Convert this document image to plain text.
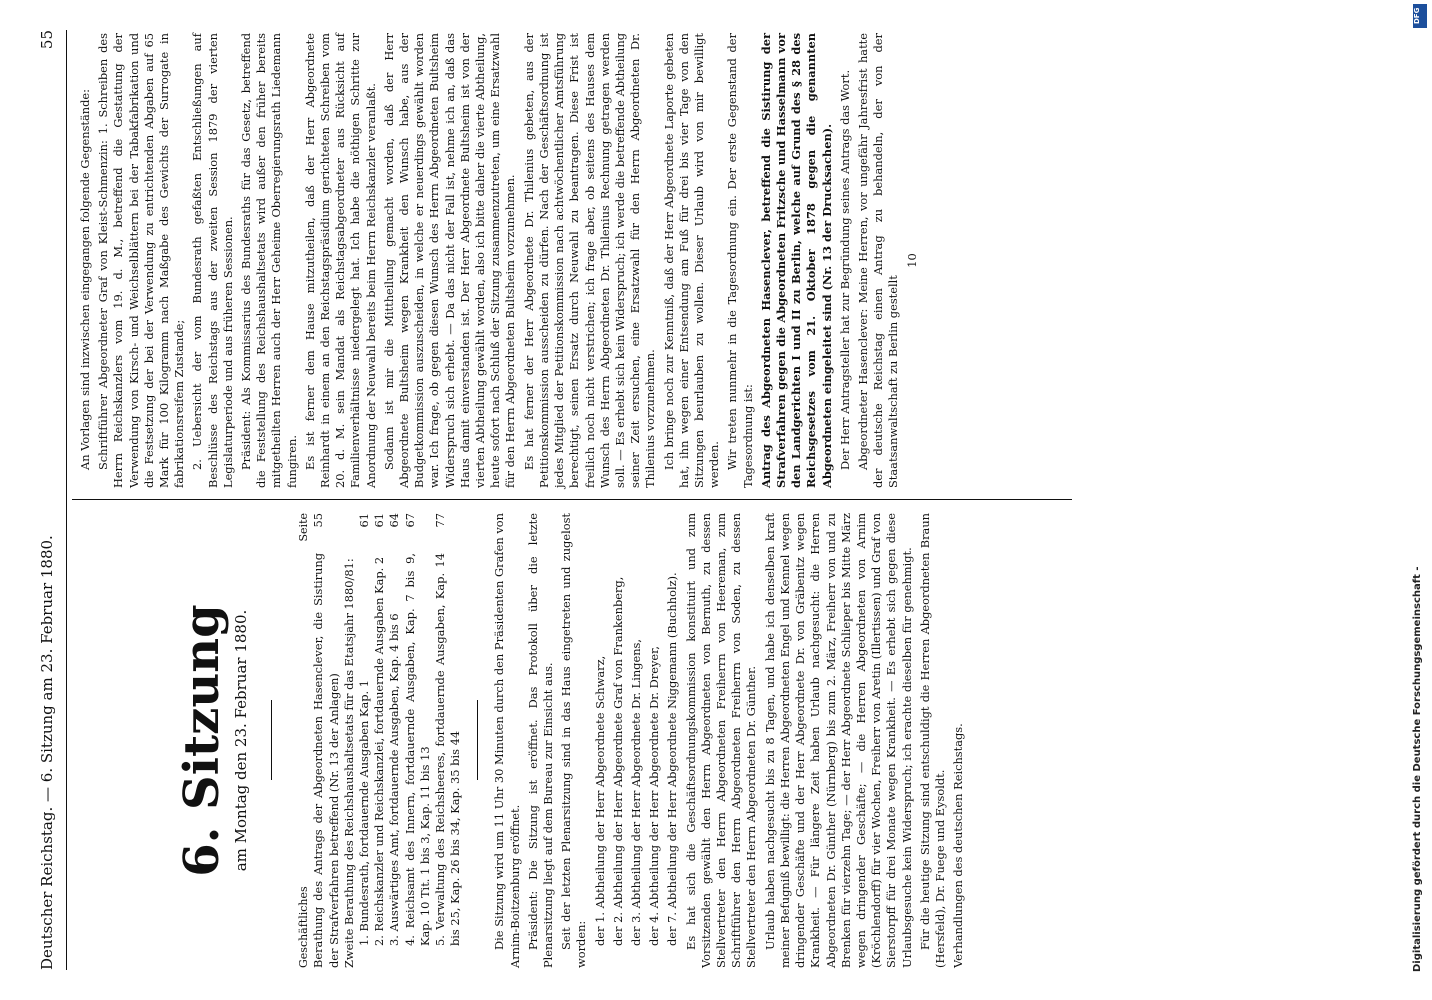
Deutscher Reichstag. — 6. Sitzung am 23. Februar 1880.
55
6. Sitzung am Montag den 23. Februar 1880.
Geschäftliches
Seite
Berathung des Antrags der Abgeordneten Hasenclever, die Sistirung der Strafverfahren betreffend (Nr. 13 der Anlagen)
55
Zweite Berathung des Reichshaushaltsetats für das Etatsjahr 1880/81: 1. Bundesrath, fortdauernde Ausgaben Kap. 1
61
2. Reichskanzler und Reichskanzlei, fortdauernde Ausgaben Kap. 2
61
3. Auswärtiges Amt, fortdauernde Ausgaben, Kap. 4 bis 6
64
4. Reichsamt des Innern, fortdauernde Ausgaben, Kap. 7 bis 9, Kap. 10 Tit. 1 bis 3, Kap. 11 bis 13
67
5. Verwaltung des Reichsheeres, fortdauernde Ausgaben, Kap. 14 bis 25, Kap. 26 bis 34, Kap. 35 bis 44
77	Die Sitzung wird um 11 Uhr 30 Minuten durch den Präsidenten Grafen von Arnim-Boitzenburg eröffnet. Präsident: Die Sitzung ist eröffnet. Das Protokoll über die letzte Plenarsitzung liegt auf dem Bureau zur Einsicht aus. Seit der letzten Plenarsitzung sind in das Haus eingetreten und zugelost worden: der 1. Abtheilung der Herr Abgeordnete Schwarz, der 2. Abtheilung der Herr Abgeordnete Graf von Frankenberg, der 3. Abtheilung der Herr Abgeordnete Dr. Lingens, der 4. Abtheilung der Herr Abgeordnete Dr. Dreyer, der 7. Abtheilung der Herr Abgeordnete Niggemann (Buchholz). Es hat sich die Geschäftsordnungskommission konstituirt und zum Vorsitzenden gewählt den Herrn Abgeordneten von Bernuth, zu dessen Stellvertreter den Herrn Abgeordneten Freiherrn von Heereman, zum Schriftführer den Herrn Abgeordneten Freiherrn von Soden, zu dessen Stellvertreter den Herrn Abgeordneten Dr. Günther. Urlaub haben nachgesucht bis zu 8 Tagen, und habe ich denselben kraft meiner Befugniß bewilligt: die Herren Abgeordneten Engel und Kennel wegen dringender Geschäfte und der Herr Abgeordnete Dr. von Gräbenitz wegen Krankheit. — Für längere Zeit haben Urlaub nachgesucht: die Herren Abgeordneten Dr. Günther (Nürnberg) bis zum 2. März, Freiherr von und zu Brenken für vierzehn Tage; — der Herr Abgeordnete Schlieper bis Mitte März wegen dringender Geschäfte; — die Herren Abgeordneten von Arnim (Kröchlendorff) für vier Wochen, Freiherr von Aretin (Illertissen) und Graf von Sierstorpff für drei Monate wegen Krankheit. — Es erhebt sich gegen diese Urlaubsgesuche kein Widerspruch; ich erachte dieselben für genehmigt. Für die heutige Sitzung sind entschuldigt die Herren Abgeordneten Braun (Hersfeld), Dr. Fuege und Eysoldt. Verhandlungen des deutschen Reichstags.

An Vorlagen sind inzwischen eingegangen folgende Gegenstände: Schriftführer Abgeordneter Graf von Kleist-Schmenzin: 1. Schreiben des Herrn Reichskanzlers vom 19. d. M., betreffend die Gestattung der Verwendung von Kirsch- und Weichselblättern bei der Tabakfabrikation und die Festsetzung der bei der Verwendung zu entrichtenden Abgaben auf 65 Mark für 100 Kilogramm nach Maßgabe des Gewichts der Surrogate in fabrikationsreifem Zustande; 2. Uebersicht der vom Bundesrath gefaßten Entschließungen auf Beschlüsse des Reichstags aus der zweiten Session 1879 der vierten Legislaturperiode und aus früheren Sessionen. Präsident: Als Kommissarius des Bundesraths für das Gesetz, betreffend die Feststellung des Reichshaushaltsetats wird außer den früher bereits mitgetheilten Herren auch der Herr Geheime Oberregierungsrath Liedemann fungiren. Es ist ferner dem Hause mitzutheilen, daß der Herr Abgeordnete Reinhardt in einem an den Reichstagspräsidium gerichteten Schreiben vom 20. d. M. sein Mandat als Reichstagsabgeordneter aus Rücksicht auf Familienverhältnisse niedergelegt hat. Ich habe die nöthigen Schritte zur Anordnung der Neuwahl bereits beim Herrn Reichskanzler veranlaßt. Sodann ist mir die Mittheilung gemacht worden, daß der Herr Abgeordnete Bultsheim wegen Krankheit den Wunsch habe, aus der Budgetkommission auszuscheiden, in welche er neuerdings gewählt worden war. Ich frage, ob gegen diesen Wunsch des Herrn Abgeordneten Bultsheim Widerspruch sich erhebt. — Da das nicht der Fall ist, nehme ich an, daß das Haus damit einverstanden ist. Der Herr Abgeordnete Bultsheim ist von der vierten Abtheilung gewählt worden, also ich bitte daher die vierte Abtheilung, heute sofort nach Schluß der Sitzung zusammenzutreten, um eine Ersatzwahl für den Herrn Abgeordneten Bultsheim vorzunehmen. Es hat ferner der Herr Abgeordnete Dr. Thilenius gebeten, aus der Petitionskommission ausscheiden zu dürfen. Nach der Geschäftsordnung ist jedes Mitglied der Petitionskommission nach achtwöchentlicher Amtsführung berechtigt, seinen Ersatz durch Neuwahl zu beantragen. Diese Frist ist freilich noch nicht verstrichen; ich frage aber, ob seitens des Hauses dem Wunsch des Herrn Abgeordneten Dr. Thilenius Rechnung getragen werden soll. — Es erhebt sich kein Widerspruch; ich werde die betreffende Abtheilung seiner Zeit ersuchen, eine Ersatzwahl für den Herrn Abgeordneten Dr. Thilenius vorzunehmen. Ich bringe noch zur Kenntniß, daß der Herr Abgeordnete Laporte gebeten hat, ihn wegen einer Entsendung am Fuß für drei bis vier Tage von den Sitzungen beurlauben zu wollen. Dieser Urlaub wird von mir bewilligt werden. Wir treten nunmehr in die Tagesordnung ein. Der erste Gegenstand der Tagesordnung ist: Antrag des Abgeordneten Hasenclever, betreffend die Sistirung der Strafverfahren gegen die Abgeordneten Fritzsche und Hasselmann vor den Landgerichten I und II zu Berlin, welche auf Grund des § 28 des Reichsgesetzes vom 21. Oktober 1878 gegen die genannten Abgeordneten eingeleitet sind (Nr. 13 der Drucksachen). Der Herr Antragsteller hat zur Begründung seines Antrags das Wort. Abgeordneter Hasenclever: Meine Herren, vor ungefähr Jahresfrist hatte der deutsche Reichstag einen Antrag zu behandeln, der von der Staatsanwaltschaft zu Berlin gestellt

10

Digitalisierung gefördert durch die Deutsche Forschungsgemeinschaft -
DFG
